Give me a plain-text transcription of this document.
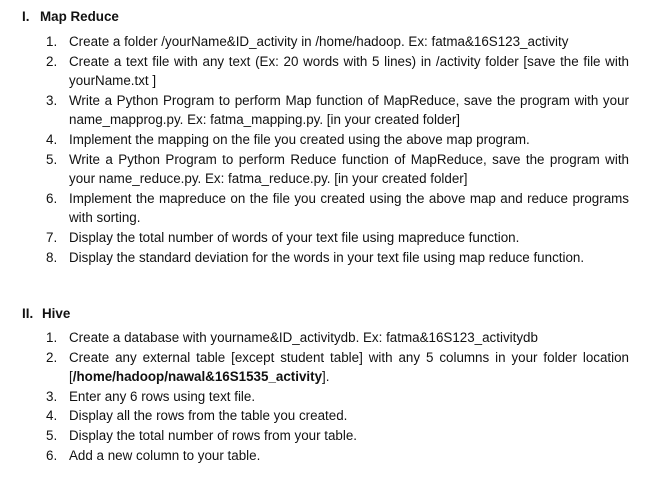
I. Map Reduce
1. Create a folder /yourName&ID_activity in /home/hadoop. Ex: fatma&16S123_activity
2. Create a text file with any text (Ex: 20 words with 5 lines) in /activity folder [save the file with yourName.txt ]
3. Write a Python Program to perform Map function of MapReduce, save the program with your name_mapprog.py. Ex: fatma_mapping.py. [in your created folder]
4. Implement the mapping on the file you created using the above map program.
5. Write a Python Program to perform Reduce function of MapReduce, save the program with your name_reduce.py. Ex: fatma_reduce.py. [in your created folder]
6. Implement the mapreduce on the file you created using the above map and reduce programs with sorting.
7. Display the total number of words of your text file using mapreduce function.
8. Display the standard deviation for the words in your text file using map reduce function.
II. Hive
1. Create a database with yourname&ID_activitydb. Ex: fatma&16S123_activitydb
2. Create any external table [except student table] with any 5 columns in your folder location [/home/hadoop/nawal&16S1535_activity].
3. Enter any 6 rows using text file.
4. Display all the rows from the table you created.
5. Display the total number of rows from your table.
6. Add a new column to your table.
